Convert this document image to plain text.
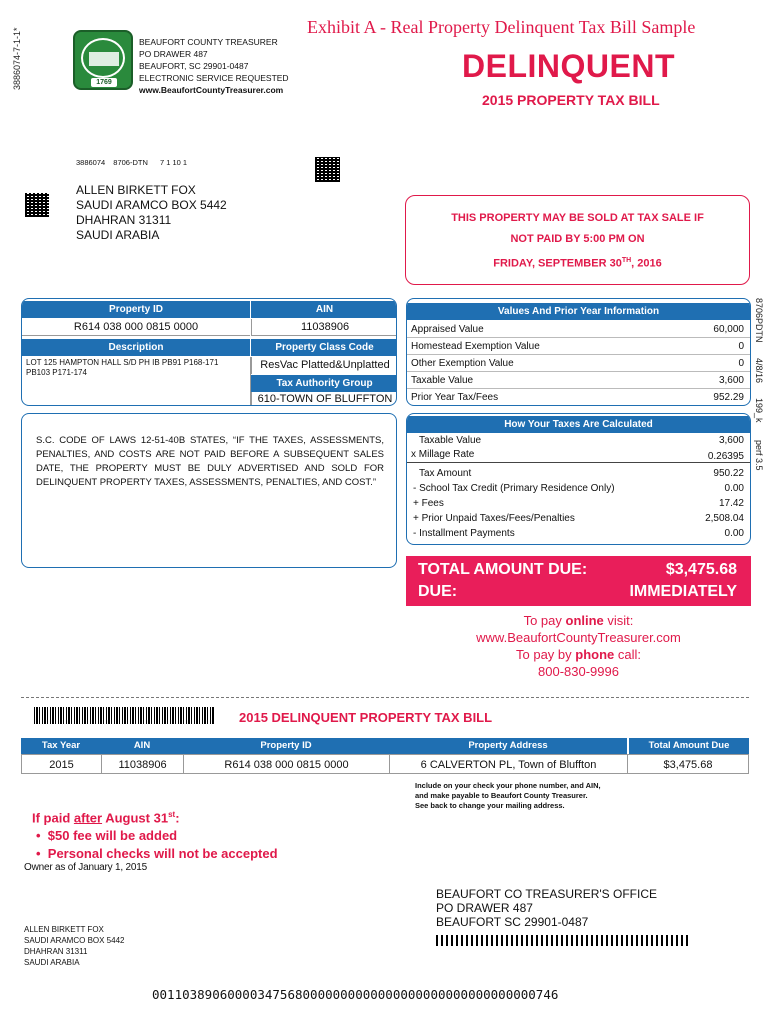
3886074-7-1-1*
8706PDTN
4/8/16
199_k
perf 3.5
1769
BEAUFORT COUNTY TREASURER
PO DRAWER 487
BEAUFORT, SC 29901-0487
ELECTRONIC SERVICE REQUESTED
www.BeaufortCountyTreasurer.com
Exhibit A - Real Property Delinquent Tax Bill Sample
DELINQUENT
2015 PROPERTY TAX BILL
3886074 8706-DTN 7 1 10 1
ALLEN BIRKETT FOX
SAUDI ARAMCO BOX 5442
DHAHRAN 31311
SAUDI ARABIA
THIS PROPERTY MAY BE SOLD AT TAX SALE IF
NOT PAID BY 5:00 PM ON
FRIDAY, SEPTEMBER 30TH, 2016
Property ID	AIN
R614 038 000 0815 0000	11038906
Description	Property Class Code
LOT 125 HAMPTON HALL S/D PH IB PB91 P168-171 PB103 P171-174
ResVac Platted&Unplatted
Tax Authority Group
610-TOWN OF BLUFFTON
S.C. CODE OF LAWS 12-51-40B STATES, “IF THE TAXES, ASSESSMENTS, PENALTIES, AND COSTS ARE NOT PAID BEFORE A SUBSEQUENT SALES DATE, THE PROPERTY MUST BE DULY ADVERTISED AND SOLD FOR DELINQUENT PROPERTY TAXES, ASSESSMENTS, PENALTIES, AND COST.”
Values And Prior Year Information
Appraised Value	60,000
Homestead Exemption Value	0
Other Exemption Value	0
Taxable Value	3,600
Prior Year Tax/Fees	952.29
How Your Taxes Are Calculated
Taxable Value	3,600
x Millage Rate	0.26395
Tax Amount	950.22
- School Tax Credit (Primary Residence Only)	0.00
+ Fees	17.42
+ Prior Unpaid Taxes/Fees/Penalties	2,508.04
- Installment Payments	0.00
TOTAL AMOUNT DUE:	$3,475.68
DUE:	IMMEDIATELY
To pay online visit:
www.BeaufortCountyTreasurer.com
To pay by phone call:
800-830-9996
2015 DELINQUENT PROPERTY TAX BILL
Tax Year	AIN	Property ID	Property Address	Total Amount Due
2015	11038906	R614 038 000 0815 0000	6 CALVERTON PL, Town of Bluffton	$3,475.68
Include on your check your phone number, and AIN,
and make payable to Beaufort County Treasurer.
See back to change your mailing address.
If paid after August 31st:
•  $50 fee will be added
•  Personal checks will not be accepted
Owner as of January 1, 2015
BEAUFORT CO TREASURER'S OFFICE
PO DRAWER 487
BEAUFORT SC 29901-0487
ALLEN BIRKETT FOX
SAUDI ARAMCO BOX 5442
DHAHRAN 31311
SAUDI ARABIA
001103890600003475680000000000000000000000000000000746
